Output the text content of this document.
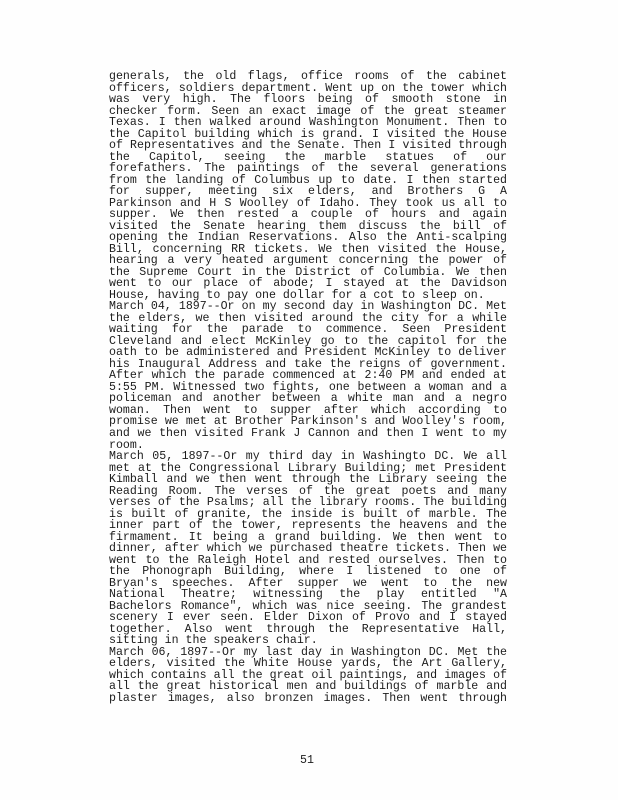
generals, the old flags, office rooms of the cabinet
officers, soldiers department. Went up on the tower which
was very high. The floors being of smooth stone in
checker form. Seen an exact image of the great steamer
Texas. I then walked around Washington Monument. Then to
the Capitol building which is grand. I visited the House
of Representatives and the Senate. Then I visited through
the Capitol, seeing the marble statues of our
forefathers. The paintings of the several generations
from the landing of Columbus up to date. I then started
for supper, meeting six elders, and Brothers G A
Parkinson and H S Woolley of Idaho. They took us all to
supper. We then rested a couple of hours and again
visited the Senate hearing them discuss the bill of
opening the Indian Reservations. Also the Anti-scalping
Bill, concerning RR tickets. We then visited the House,
hearing a very heated argument concerning the power of
the Supreme Court in the District of Columbia. We then
went to our place of abode; I stayed at the Davidson
House, having to pay one dollar for a cot to sleep on.
March 04, 1897--Or on my second day in Washington DC. Met
the elders, we then visited around the city for a while
waiting for the parade to commence. Seen President
Cleveland and elect McKinley go to the capitol for the
oath to be administered and President McKinley to deliver
his Inaugural Address and take the reigns of government.
After which the parade commenced at 2:40 PM and ended at
5:55 PM. Witnessed two fights, one between a woman and a
policeman and another between a white man and a negro
woman. Then went to supper after which according to
promise we met at Brother Parkinson's and Woolley's room,
and we then visited Frank J Cannon and then I went to my
room.
March 05, 1897--Or my third day in Washingto DC. We all
met at the Congressional Library Building; met President
Kimball and we then went through the Library seeing the
Reading Room. The verses of the great poets and many
verses of the Psalms; all the library rooms. The building
is built of granite, the inside is built of marble. The
inner part of the tower, represents the heavens and the
firmament. It being a grand building. We then went to
dinner, after which we purchased theatre tickets. Then we
went to the Raleigh Hotel and rested ourselves. Then to
the Phonograph Building, where I listened to one of
Bryan's speeches. After supper we went to the new
National Theatre; witnessing the play entitled "A
Bachelors Romance", which was nice seeing. The grandest
scenery I ever seen. Elder Dixon of Provo and I stayed
together. Also went through the Representative Hall,
sitting in the speakers chair.
March 06, 1897--Or my last day in Washington DC. Met the
elders, visited the White House yards, the Art Gallery,
which contains all the great oil paintings, and images of
all the great historical men and buildings of marble and
plaster images, also bronzen images. Then went through
51
